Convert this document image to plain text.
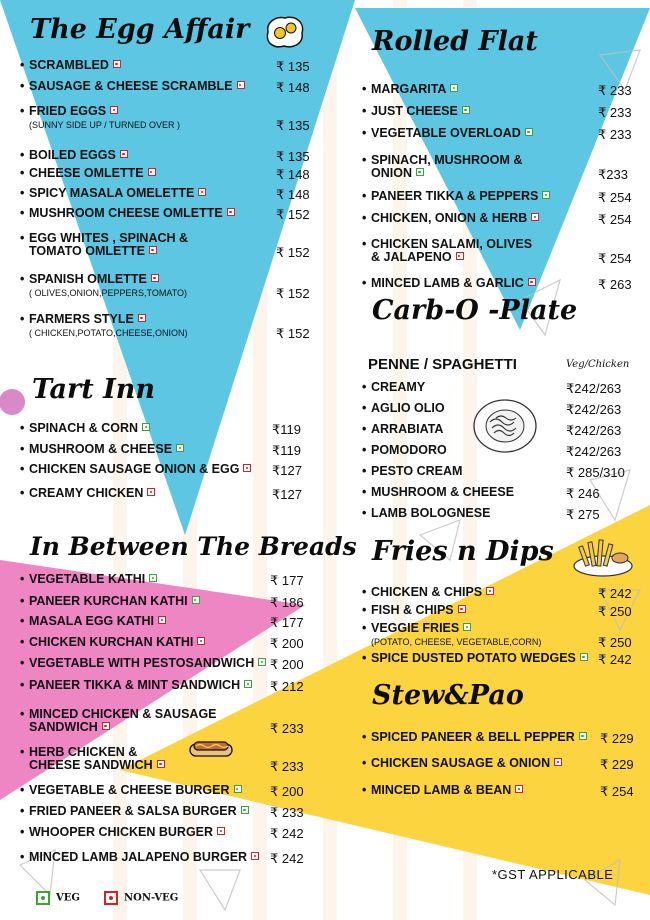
The Egg Affair
• SCRAMBLED	₹ 135
• SAUSAGE & CHEESE SCRAMBLE	₹ 148
• FRIED EGGS
(SUNNY SIDE UP / TURNED OVER )	₹ 135
• BOILED EGGS	₹ 135
• CHEESE OMLETTE	₹ 148
• SPICY MASALA OMELETTE	₹ 148
• MUSHROOM CHEESE OMLETTE	₹ 152
• EGG WHITES , SPINACH &
TOMATO OMLETTE	₹ 152
• SPANISH OMLETTE
( OLIVES,ONION,PEPPERS,TOMATO)	₹ 152
• FARMERS STYLE
( CHICKEN,POTATO,CHEESE,ONION)	₹ 152
Tart Inn
• SPINACH & CORN	₹119
• MUSHROOM & CHEESE	₹119
• CHICKEN SAUSAGE ONION & EGG	₹127
• CREAMY CHICKEN	₹127
In Between The Breads
• VEGETABLE KATHI	₹ 177
• PANEER KURCHAN KATHI	₹ 186
• MASALA EGG KATHI	₹ 177
• CHICKEN KURCHAN KATHI	₹ 200
• VEGETABLE WITH PESTOSANDWICH	₹ 200
• PANEER TIKKA & MINT SANDWICH	₹ 212
• MINCED CHICKEN & SAUSAGE
SANDWICH	₹ 233
• HERB CHICKEN &
CHEESE SANDWICH	₹ 233
• VEGETABLE & CHEESE BURGER	₹ 200
• FRIED PANEER & SALSA BURGER	₹ 233
• WHOOPER CHICKEN BURGER	₹ 242
• MINCED LAMB JALAPENO BURGER	₹ 242
Rolled Flat
• MARGARITA	₹ 233
• JUST CHEESE	₹ 233
• VEGETABLE OVERLOAD	₹ 233
• SPINACH, MUSHROOM &
ONION	₹233
• PANEER TIKKA & PEPPERS	₹ 254
• CHICKEN, ONION & HERB	₹ 254
• CHICKEN SALAMI, OLIVES
& JALAPENO	₹ 254
• MINCED LAMB & GARLIC	₹ 263
Carb-O -Plate
PENNE / SPAGHETTI	Veg/Chicken
• CREAMY	₹242/263
• AGLIO OLIO	₹242/263
• ARRABIATA	₹242/263
• POMODORO	₹242/263
• PESTO CREAM	₹ 285/310
• MUSHROOM & CHEESE	₹ 246
• LAMB BOLOGNESE	₹ 275
Fries n Dips
• CHICKEN & CHIPS	₹ 242
• FISH & CHIPS	₹ 250
• VEGGIE FRIES
(POTATO, CHEESE, VEGETABLE,CORN)	₹ 250
• SPICE DUSTED POTATO WEDGES	₹ 242
Stew&Pao
• SPICED PANEER & BELL PEPPER	₹ 229
• CHICKEN SAUSAGE & ONION	₹ 229
• MINCED LAMB & BEAN	₹ 254
*GST APPLICABLE
VEG	NON-VEG
